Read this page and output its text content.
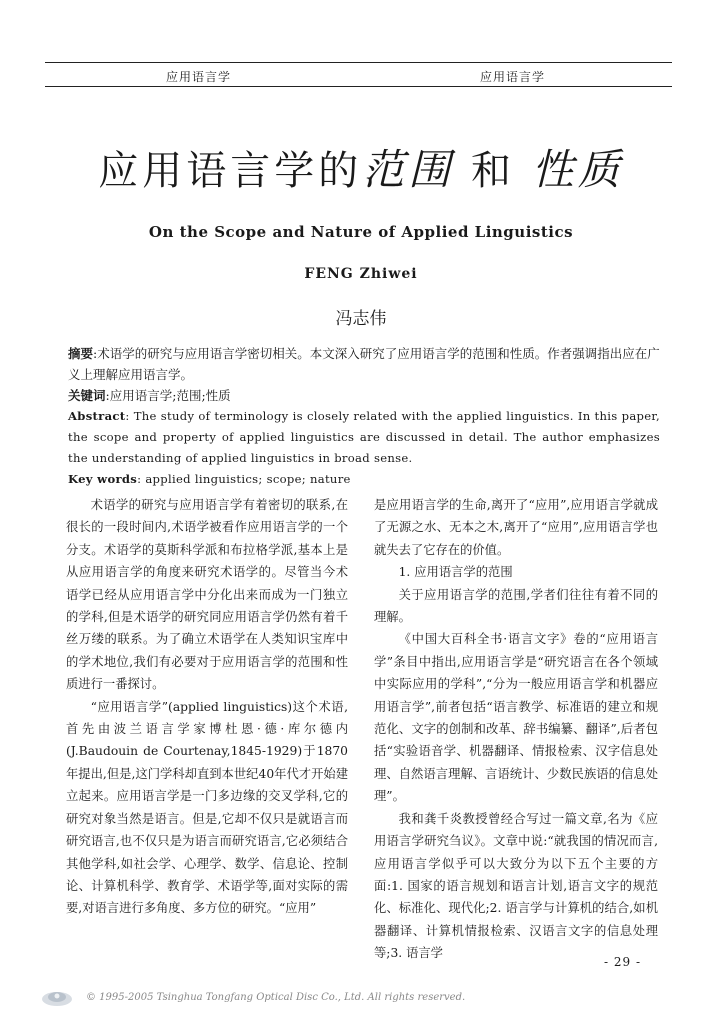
应用语言学	应用语言学
应用语言学的范围 和 性质
On the Scope and Nature of Applied Linguistics
FENG Zhiwei
冯志伟
摘要:术语学的研究与应用语言学密切相关。本文深入研究了应用语言学的范围和性质。作者强调指出应在广义上理解应用语言学。
关键词:应用语言学;范围;性质
Abstract: The study of terminology is closely related with the applied linguistics. In this paper, the scope and property of applied linguistics are discussed in detail. The author emphasizes the understanding of applied linguistics in broad sense.
Key words: applied linguistics; scope; nature

术语学的研究与应用语言学有着密切的联系,在很长的一段时间内,术语学被看作应用语言学的一个分支。术语学的莫斯科学派和布拉格学派,基本上是从应用语言学的角度来研究术语学的。尽管当今术语学已经从应用语言学中分化出来而成为一门独立的学科,但是术语学的研究同应用语言学仍然有着千丝万缕的联系。为了确立术语学在人类知识宝库中的学术地位,我们有必要对于应用语言学的范围和性质进行一番探讨。

“应用语言学”(applied linguistics)这个术语,首先由波兰语言学家博杜恩·德·库尔德内(J.Baudouin de Courtenay,1845-1929)于1870年提出,但是,这门学科却直到本世纪40年代才开始建立起来。应用语言学是一门多边缘的交叉学科,它的研究对象当然是语言。但是,它却不仅只是就语言而研究语言,也不仅只是为语言而研究语言,它必须结合其他学科,如社会学、心理学、数学、信息论、控制论、计算机科学、教育学、术语学等,面对实际的需要,对语言进行多角度、多方位的研究。“应用”

是应用语言学的生命,离开了“应用”,应用语言学就成了无源之水、无本之木,离开了“应用”,应用语言学也就失去了它存在的价值。

1. 应用语言学的范围

关于应用语言学的范围,学者们往往有着不同的理解。

《中国大百科全书·语言文字》卷的“应用语言学”条目中指出,应用语言学是“研究语言在各个领域中实际应用的学科”,“分为一般应用语言学和机器应用语言学”,前者包括“语言教学、标准语的建立和规范化、文字的创制和改革、辞书编纂、翻译”,后者包括“实验语音学、机器翻译、情报检索、汉字信息处理、自然语言理解、言语统计、少数民族语的信息处理”。

我和龚千炎教授曾经合写过一篇文章,名为《应用语言学研究刍议》。文章中说:“就我国的情况而言,应用语言学似乎可以大致分为以下五个主要的方面:1. 国家的语言规划和语言计划,语言文字的规范化、标准化、现代化;2. 语言学与计算机的结合,如机器翻译、计算机情报检索、汉语言文字的信息处理等;3. 语言学

- 29 -
© 1995-2005 Tsinghua Tongfang Optical Disc Co., Ltd. All rights reserved.
